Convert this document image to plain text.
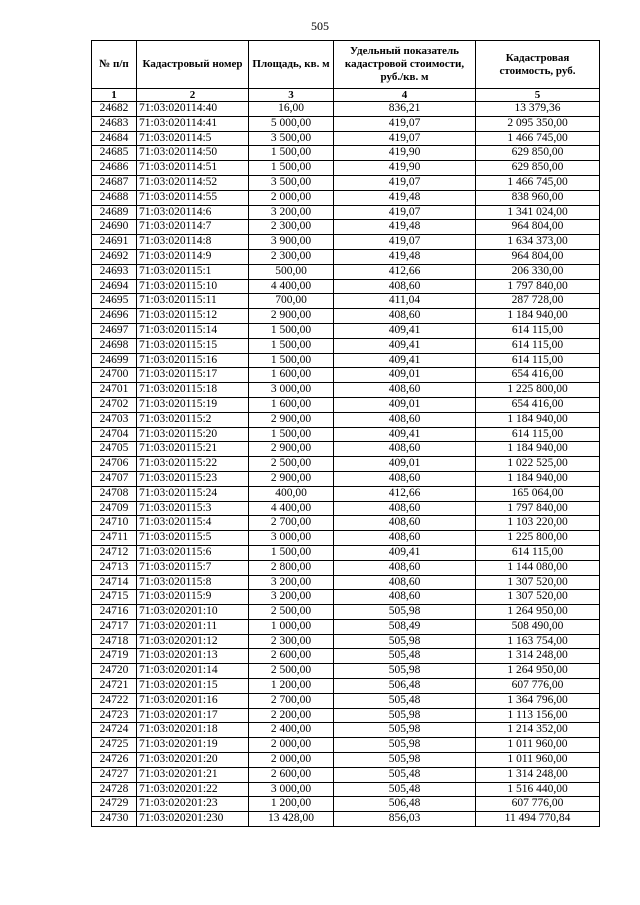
505
№ п/п	Кадастровый номер	Площадь, кв. м	Удельный показатель кадастровой стоимости, руб./кв. м	Кадастровая стоимость, руб.
1	2	3	4	5
24682	71:03:020114:40	16,00	836,21	13 379,36
24683	71:03:020114:41	5 000,00	419,07	2 095 350,00
24684	71:03:020114:5	3 500,00	419,07	1 466 745,00
24685	71:03:020114:50	1 500,00	419,90	629 850,00
24686	71:03:020114:51	1 500,00	419,90	629 850,00
24687	71:03:020114:52	3 500,00	419,07	1 466 745,00
24688	71:03:020114:55	2 000,00	419,48	838 960,00
24689	71:03:020114:6	3 200,00	419,07	1 341 024,00
24690	71:03:020114:7	2 300,00	419,48	964 804,00
24691	71:03:020114:8	3 900,00	419,07	1 634 373,00
24692	71:03:020114:9	2 300,00	419,48	964 804,00
24693	71:03:020115:1	500,00	412,66	206 330,00
24694	71:03:020115:10	4 400,00	408,60	1 797 840,00
24695	71:03:020115:11	700,00	411,04	287 728,00
24696	71:03:020115:12	2 900,00	408,60	1 184 940,00
24697	71:03:020115:14	1 500,00	409,41	614 115,00
24698	71:03:020115:15	1 500,00	409,41	614 115,00
24699	71:03:020115:16	1 500,00	409,41	614 115,00
24700	71:03:020115:17	1 600,00	409,01	654 416,00
24701	71:03:020115:18	3 000,00	408,60	1 225 800,00
24702	71:03:020115:19	1 600,00	409,01	654 416,00
24703	71:03:020115:2	2 900,00	408,60	1 184 940,00
24704	71:03:020115:20	1 500,00	409,41	614 115,00
24705	71:03:020115:21	2 900,00	408,60	1 184 940,00
24706	71:03:020115:22	2 500,00	409,01	1 022 525,00
24707	71:03:020115:23	2 900,00	408,60	1 184 940,00
24708	71:03:020115:24	400,00	412,66	165 064,00
24709	71:03:020115:3	4 400,00	408,60	1 797 840,00
24710	71:03:020115:4	2 700,00	408,60	1 103 220,00
24711	71:03:020115:5	3 000,00	408,60	1 225 800,00
24712	71:03:020115:6	1 500,00	409,41	614 115,00
24713	71:03:020115:7	2 800,00	408,60	1 144 080,00
24714	71:03:020115:8	3 200,00	408,60	1 307 520,00
24715	71:03:020115:9	3 200,00	408,60	1 307 520,00
24716	71:03:020201:10	2 500,00	505,98	1 264 950,00
24717	71:03:020201:11	1 000,00	508,49	508 490,00
24718	71:03:020201:12	2 300,00	505,98	1 163 754,00
24719	71:03:020201:13	2 600,00	505,48	1 314 248,00
24720	71:03:020201:14	2 500,00	505,98	1 264 950,00
24721	71:03:020201:15	1 200,00	506,48	607 776,00
24722	71:03:020201:16	2 700,00	505,48	1 364 796,00
24723	71:03:020201:17	2 200,00	505,98	1 113 156,00
24724	71:03:020201:18	2 400,00	505,98	1 214 352,00
24725	71:03:020201:19	2 000,00	505,98	1 011 960,00
24726	71:03:020201:20	2 000,00	505,98	1 011 960,00
24727	71:03:020201:21	2 600,00	505,48	1 314 248,00
24728	71:03:020201:22	3 000,00	505,48	1 516 440,00
24729	71:03:020201:23	1 200,00	506,48	607 776,00
24730	71:03:020201:230	13 428,00	856,03	11 494 770,84
